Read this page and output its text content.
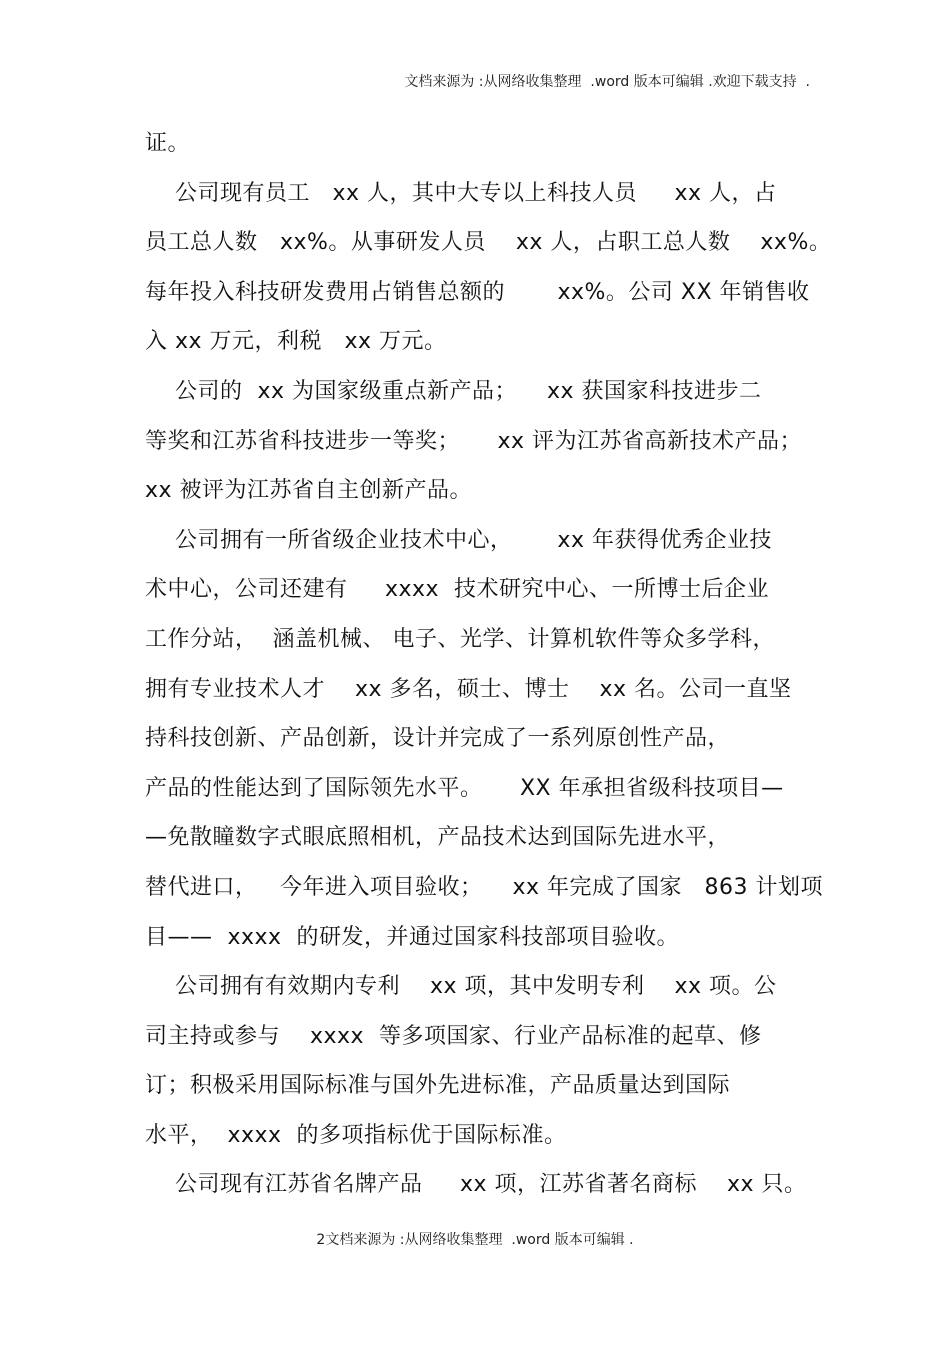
文档来源为 :从网络收集整理  .word 版本可编辑 .欢迎下载支持  .
证。
公司现有员工   xx 人，其中大专以上科技人员     xx 人，占
员工总人数   xx%。从事研发人员    xx 人，占职工总人数    xx%。
每年投入科技研发费用占销售总额的       xx%。公司 XX 年销售收
入 xx 万元，利税   xx 万元。
公司的  xx 为国家级重点新产品；    xx 获国家科技进步二
等奖和江苏省科技进步一等奖；     xx 评为江苏省高新技术产品；
xx 被评为江苏省自主创新产品。
公司拥有一所省级企业技术中心，      xx 年获得优秀企业技
术中心，公司还建有     xxxx  技术研究中心、一所博士后企业
工作分站，  涵盖机械、 电子、光学、计算机软件等众多学科，
拥有专业技术人才    xx 多名，硕士、博士    xx 名。公司一直坚
持科技创新、产品创新，设计并完成了一系列原创性产品，
产品的性能达到了国际领先水平。     XX 年承担省级科技项目—
—免散瞳数字式眼底照相机，产品技术达到国际先进水平，
替代进口，   今年进入项目验收；    xx 年完成了国家   863 计划项
目——  xxxx  的研发，并通过国家科技部项目验收。
公司拥有有效期内专利    xx 项，其中发明专利    xx 项。公
司主持或参与    xxxx  等多项国家、行业产品标准的起草、修
订；积极采用国际标准与国外先进标准，产品质量达到国际
水平，  xxxx  的多项指标优于国际标准。
公司现有江苏省名牌产品     xx 项，江苏省著名商标    xx 只。
2文档来源为 :从网络收集整理  .word 版本可编辑 .
